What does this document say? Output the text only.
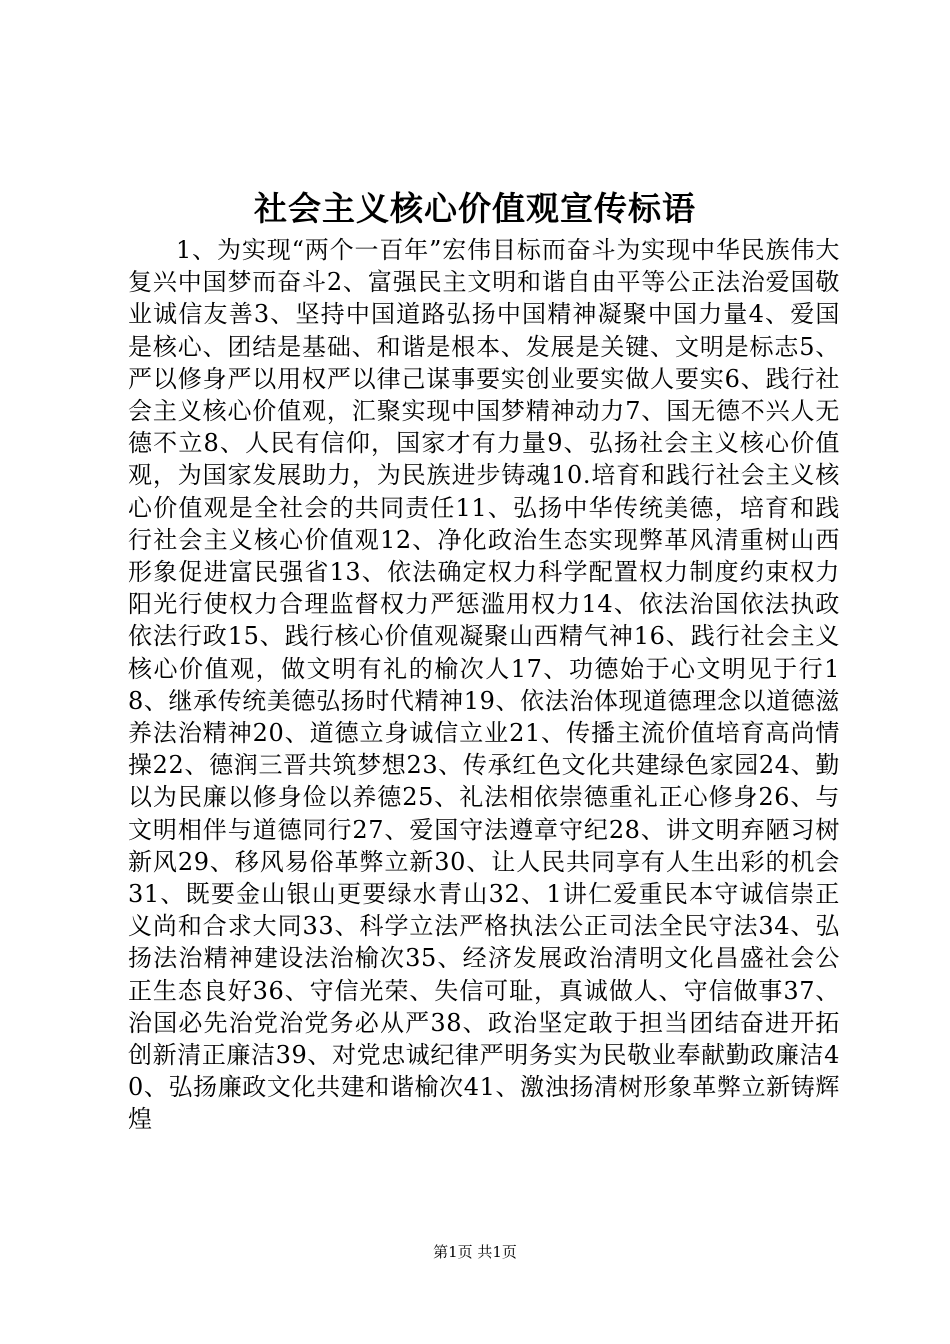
社会主义核心价值观宣传标语

1、为实现“两个一百年”宏伟目标而奋斗为实现中华民族伟大复兴中国梦而奋斗2、富强民主文明和谐自由平等公正法治爱国敬业诚信友善3、坚持中国道路弘扬中国精神凝聚中国力量4、爱国是核心、团结是基础、和谐是根本、发展是关键、文明是标志5、严以修身严以用权严以律己谋事要实创业要实做人要实6、践行社会主义核心价值观，汇聚实现中国梦精神动力7、国无德不兴人无德不立8、人民有信仰，国家才有力量9、弘扬社会主义核心价值观，为国家发展助力，为民族进步铸魂10.培育和践行社会主义核心价值观是全社会的共同责任11、弘扬中华传统美德，培育和践行社会主义核心价值观12、净化政治生态实现弊革风清重树山西形象促进富民强省13、依法确定权力科学配置权力制度约束权力阳光行使权力合理监督权力严惩滥用权力14、依法治国依法执政依法行政15、践行核心价值观凝聚山西精气神16、践行社会主义核心价值观，做文明有礼的榆次人17、功德始于心文明见于行18、继承传统美德弘扬时代精神19、依法治体现道德理念以道德滋养法治精神20、道德立身诚信立业21、传播主流价值培育高尚情操22、德润三晋共筑梦想23、传承红色文化共建绿色家园24、勤以为民廉以修身俭以养德25、礼法相依崇德重礼正心修身26、与文明相伴与道德同行27、爱国守法遵章守纪28、讲文明弃陋习树新风29、移风易俗革弊立新30、让人民共同享有人生出彩的机会31、既要金山银山更要绿水青山32、1讲仁爱重民本守诚信崇正义尚和合求大同33、科学立法严格执法公正司法全民守法34、弘扬法治精神建设法治榆次35、经济发展政治清明文化昌盛社会公正生态良好36、守信光荣、失信可耻，真诚做人、守信做事37、治国必先治党治党务必从严38、政治坚定敢于担当团结奋进开拓创新清正廉洁39、对党忠诚纪律严明务实为民敬业奉献勤政廉洁40、弘扬廉政文化共建和谐榆次41、激浊扬清树形象革弊立新铸辉煌

第1页 共1页
